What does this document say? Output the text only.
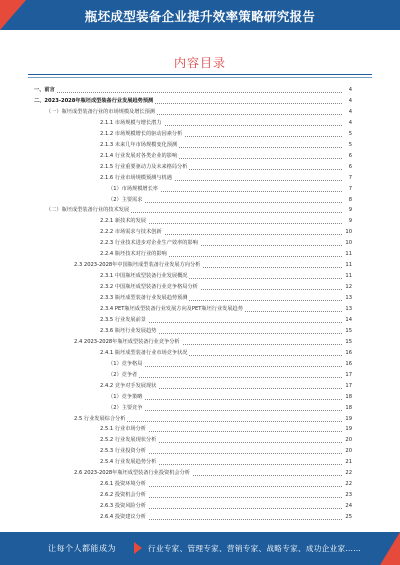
瓶坯成型装备企业提升效率策略研究报告
内容目录
一、前言	4
二、2023-2028年瓶坯成型装备行业发展趋势预测	4
（一）瓶坯成型装备行业的市场规模及增长预测	4
2.1.1 市场规模与增长潜力	4
2.1.2 市场规模增长的驱动因素分析	5
2.1.3 未来几年市场规模变化预测	5
2.1.4 行业发展对各类企业的影响	6
2.1.5 行业重要驱动力及未来格局分析	6
2.1.6 行业市场规模预测与机遇	7
（1）市场规模增长率	7
（2）主要需求	8
（二）瓶坯成型装备行业的技术发展	9
2.2.1 新技术的发展	9
2.2.2 市场需求与技术创新	10
2.2.3 行业技术进步对企业生产效率的影响	10
2.2.4 瓶坯技术对行业的影响	11
2.3 2023-2028年中国瓶坯成型装备行业发展方向分析	11
2.3.1 中国瓶坯成型装备行业发展概况	11
2.3.2 中国瓶坯成型装备行业竞争格局分析	12
2.3.3 瓶坯成型装备行业发展趋势预测	13
2.3.4 PET瓶坯成型装备行业发展方向及PET瓶坯行业发展趋势	13
2.3.5 行业发展前景	14
2.3.6 瓶坯行业发展趋势	15
2.4 2023-2028年瓶坯成型装备行业竞争分析	15
2.4.1 瓶坯成型装备行业市场竞争状况	16
（1）竞争格局	16
（2）竞争者	17
2.4.2 竞争对手发展现状	17
（1）竞争策略	18
（2）主要竞争	18
2.5 行业发展综合分析	19
2.5.1 行业市场分析	19
2.5.2 行业发展现状分析	20
2.5.3 行业投资分析	20
2.5.4 行业发展趋势分析	21
2.6 2023-2028年瓶坯成型装备行业投资机会分析	22
2.6.1 投资环境分析	22
2.6.2 投资机会分析	23
2.6.3 投资风险分析	24
2.6.4 投资建议分析	25
让每个人都能成为	行业专家、管理专家、营销专家、战略专家、成功企业家……
